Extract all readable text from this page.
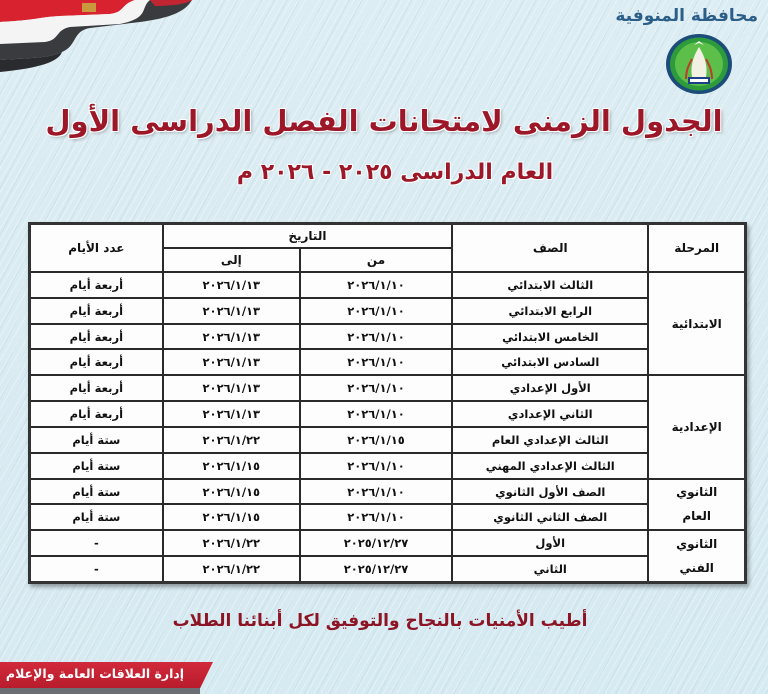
محافظة المنوفية
الجدول الزمنى لامتحانات الفصل الدراسى الأول
العام الدراسى ٢٠٢٥ - ٢٠٢٦ م
المرحلة	الصف	التاريخ		عدد الأيام
		من	إلى	
الابتدائية	الثالث الابتدائي	٢٠٢٦/١/١٠	٢٠٢٦/١/١٣	أربعة أيام
	الرابع الابتدائي	٢٠٢٦/١/١٠	٢٠٢٦/١/١٣	أربعة أيام
	الخامس الابتدائي	٢٠٢٦/١/١٠	٢٠٢٦/١/١٣	أربعة أيام
	السادس الابتدائي	٢٠٢٦/١/١٠	٢٠٢٦/١/١٣	أربعة أيام
الإعدادية	الأول الإعدادي	٢٠٢٦/١/١٠	٢٠٢٦/١/١٣	أربعة أيام
	الثاني الإعدادي	٢٠٢٦/١/١٠	٢٠٢٦/١/١٣	أربعة أيام
	الثالث الإعدادي العام	٢٠٢٦/١/١٥	٢٠٢٦/١/٢٢	ستة أيام
	الثالث الإعدادي المهني	٢٠٢٦/١/١٠	٢٠٢٦/١/١٥	ستة أيام

الثانوي
العام	الصف الأول الثانوي	٢٠٢٦/١/١٠	٢٠٢٦/١/١٥	ستة أيام
	الصف الثاني الثانوي	٢٠٢٦/١/١٠	٢٠٢٦/١/١٥	ستة أيام

الثانوي
الفني	الأول	٢٠٢٥/١٢/٢٧	٢٠٢٦/١/٢٢	-
	الثاني	٢٠٢٥/١٢/٢٧	٢٠٢٦/١/٢٢	-
أطيب الأمنيات بالنجاح والتوفيق لكل أبنائنا الطلاب
إدارة العلاقات العامة والإعلام
